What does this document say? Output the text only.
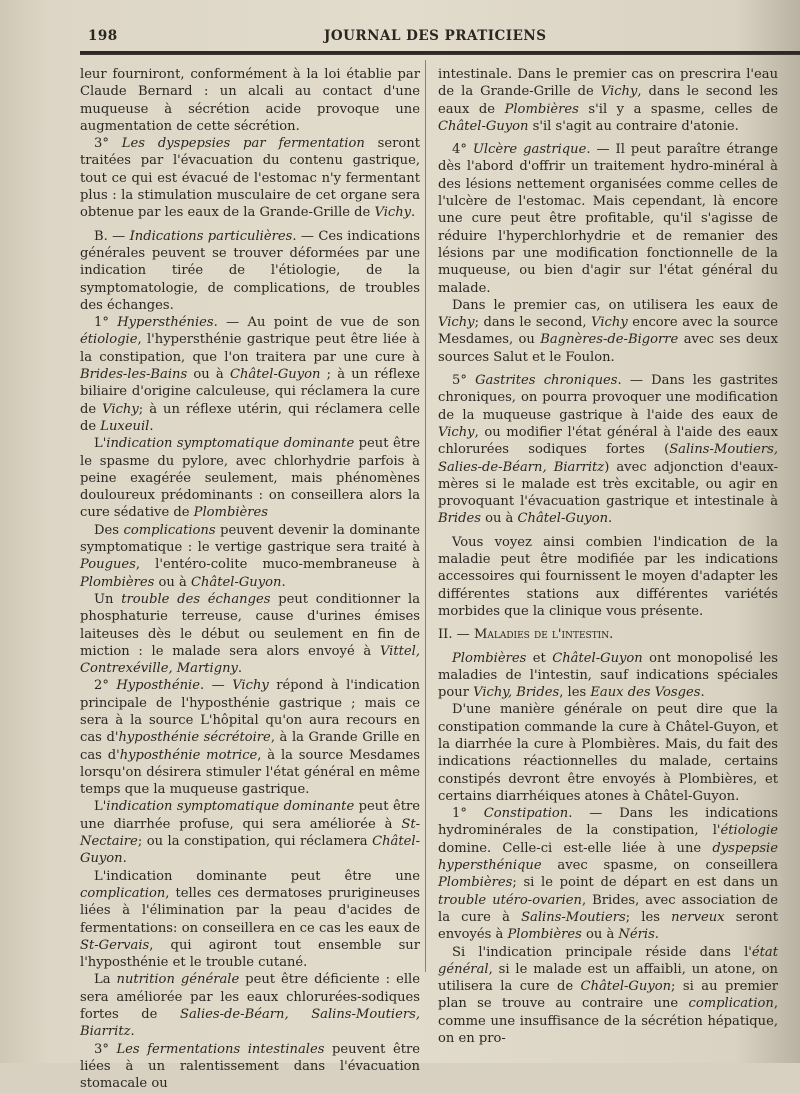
198	JOURNAL DES PRATICIENS

leur fourniront, conformément à la loi établie par Claude Bernard : un alcali au contact d'une muqueuse à sécrétion acide provoque une augmentation de cette sécrétion.

3° Les dyspepsies par fermentation seront traitées par l'évacuation du contenu gastrique, tout ce qui est évacué de l'estomac n'y fermentant plus : la stimulation musculaire de cet organe sera obtenue par les eaux de la Grande-Grille de Vichy.

B. — Indications particulières. — Ces indications générales peuvent se trouver déformées par une indication tirée de l'étiologie, de la symptomatologie, de complications, de troubles des échanges.

1° Hypersthénies. — Au point de vue de son étiologie, l'hypersthénie gastrique peut être liée à la constipation, que l'on traitera par une cure à Brides-les-Bains ou à Châtel-Guyon ; à un réflexe biliaire d'origine calculeuse, qui réclamera la cure de Vichy; à un réflexe utérin, qui réclamera celle de Luxeuil.

L'indication symptomatique dominante peut être le spasme du pylore, avec chlorhydrie parfois à peine exagérée seulement, mais phénomènes douloureux prédominants : on conseillera alors la cure sédative de Plombières

Des complications peuvent devenir la dominante symptomatique : le vertige gastrique sera traité à Pougues, l'entéro-colite muco-membraneuse à Plombières ou à Châtel-Guyon.

Un trouble des échanges peut conditionner la phosphaturie terreuse, cause d'urines émises laiteuses dès le début ou seulement en fin de miction : le malade sera alors envoyé à Vittel, Contrexéville, Martigny.

2° Hyposthénie. — Vichy répond à l'indication principale de l'hyposthénie gastrique ; mais ce sera à la source L'hôpital qu'on aura recours en cas d'hyposthénie sécrétoire, à la Grande Grille en cas d'hyposthénie motrice, à la source Mesdames lorsqu'on désirera stimuler l'état général en même temps que la muqueuse gastrique.

L'indication symptomatique dominante peut être une diarrhée profuse, qui sera améliorée à St-Nectaire; ou la constipation, qui réclamera Châtel-Guyon.

L'indication dominante peut être une complication, telles ces dermatoses prurigineuses liées à l'élimination par la peau d'acides de fermentations: on conseillera en ce cas les eaux de St-Gervais, qui agiront tout ensemble sur l'hyposthénie et le trouble cutané.

La nutrition générale peut être déficiente : elle sera améliorée par les eaux chlorurées-sodiques fortes de Salies-de-Béarn, Salins-Moutiers, Biarritz.

3° Les fermentations intestinales peuvent être liées à un ralentissement dans l'évacuation stomacale ou

intestinale. Dans le premier cas on prescrira l'eau de la Grande-Grille de Vichy, dans le second les eaux de Plombières s'il y a spasme, celles de Châtel-Guyon s'il s'agit au contraire d'atonie.

4° Ulcère gastrique. — Il peut paraître étrange dès l'abord d'offrir un traitement hydro-minéral à des lésions nettement organisées comme celles de l'ulcère de l'estomac. Mais cependant, là encore une cure peut être profitable, qu'il s'agisse de réduire l'hyperchlorhydrie et de remanier des lésions par une modification fonctionnelle de la muqueuse, ou bien d'agir sur l'état général du malade.

Dans le premier cas, on utilisera les eaux de Vichy; dans le second, Vichy encore avec la source Mesdames, ou Bagnères-de-Bigorre avec ses deux sources Salut et le Foulon.

5° Gastrites chroniques. — Dans les gastrites chroniques, on pourra provoquer une modification de la muqueuse gastrique à l'aide des eaux de Vichy, ou modifier l'état général à l'aide des eaux chlorurées sodiques fortes (Salins-Moutiers, Salies-de-Béarn, Biarritz) avec adjonction d'eaux-mères si le malade est très excitable, ou agir en provoquant l'évacuation gastrique et intestinale à Brides ou à Châtel-Guyon.

Vous voyez ainsi combien l'indication de la maladie peut être modifiée par les indications accessoires qui fournissent le moyen d'adapter les différentes stations aux différentes variétés morbides que la clinique vous présente.

II. — Maladies de l'intestin.

Plombières et Châtel-Guyon ont monopolisé les maladies de l'intestin, sauf indications spéciales pour Vichy, Brides, les Eaux des Vosges.

D'une manière générale on peut dire que la constipation commande la cure à Châtel-Guyon, et la diarrhée la cure à Plombières. Mais, du fait des indications réactionnelles du malade, certains constipés devront être envoyés à Plombières, et certains diarrhéiques atones à Châtel-Guyon.

1° Constipation. — Dans les indications hydrominérales de la constipation, l'étiologie domine. Celle-ci est-elle liée à une dyspepsie hypersthénique avec spasme, on conseillera Plombières; si le point de départ en est dans un trouble utéro-ovarien, Brides, avec association de la cure à Salins-Moutiers; les nerveux seront envoyés à Plombières ou à Néris.

Si l'indication principale réside dans l'état général, si le malade est un affaibli, un atone, on utilisera la cure de Châtel-Guyon; si au premier plan se trouve au contraire une complication, comme une insuffisance de la sécrétion hépatique, on en pro-
